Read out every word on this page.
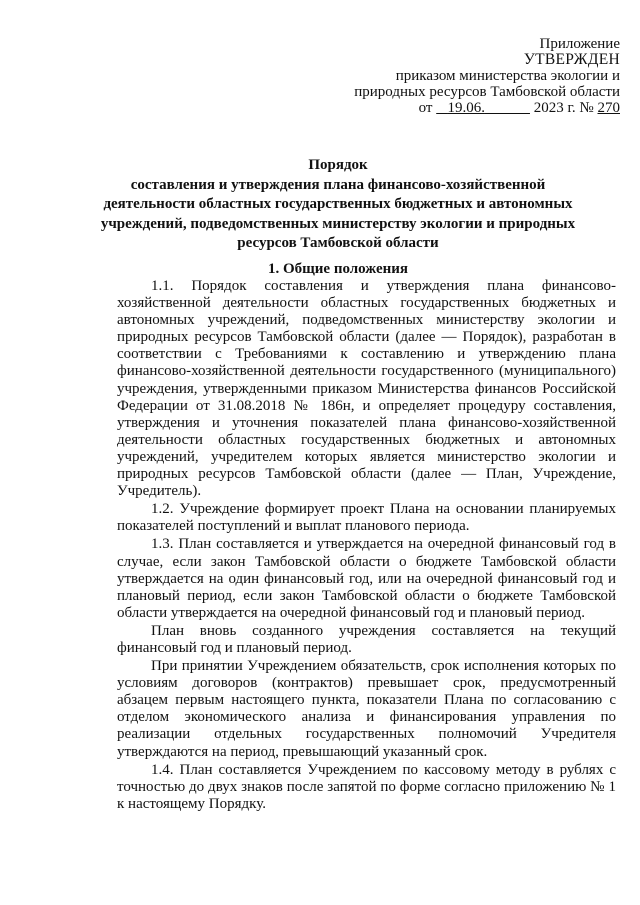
Приложение
УТВЕРЖДЕН
приказом министерства экологии и
природных ресурсов Тамбовской области
от 19.06.	2023 г. № 270
Порядок
составления и утверждения плана финансово-хозяйственной
деятельности областных государственных бюджетных и автономных
учреждений, подведомственных министерству экологии и природных
ресурсов Тамбовской области
1. Общие положения

1.1. Порядок составления и утверждения плана финансово-хозяйственной деятельности областных государственных бюджетных и автономных учреждений, подведомственных министерству экологии и природных ресурсов Тамбовской области (далее — Порядок), разработан в соответствии с Требованиями к составлению и утверждению плана финансово-хозяйственной деятельности государственного (муниципального) учреждения, утвержденными приказом Министерства финансов Российской Федерации от 31.08.2018 № 186н, и определяет процедуру составления, утверждения и уточнения показателей плана финансово-хозяйственной деятельности областных государственных бюджетных и автономных учреждений, учредителем которых является министерство экологии и природных ресурсов Тамбовской области (далее — План, Учреждение, Учредитель).

1.2. Учреждение формирует проект Плана на основании планируемых показателей поступлений и выплат планового периода.

1.3. План составляется и утверждается на очередной финансовый год в случае, если закон Тамбовской области о бюджете Тамбовской области утверждается на один финансовый год, или на очередной финансовый год и плановый период, если закон Тамбовской области о бюджете Тамбовской области утверждается на очередной финансовый год и плановый период.

План вновь созданного учреждения составляется на текущий финансовый год и плановый период.

При принятии Учреждением обязательств, срок исполнения которых по условиям договоров (контрактов) превышает срок, предусмотренный абзацем первым настоящего пункта, показатели Плана по согласованию с отделом экономического анализа и финансирования управления по реализации отдельных государственных полномочий Учредителя утверждаются на период, превышающий указанный срок.

1.4. План составляется Учреждением по кассовому методу в рублях с точностью до двух знаков после запятой по форме согласно приложению № 1 к настоящему Порядку.
